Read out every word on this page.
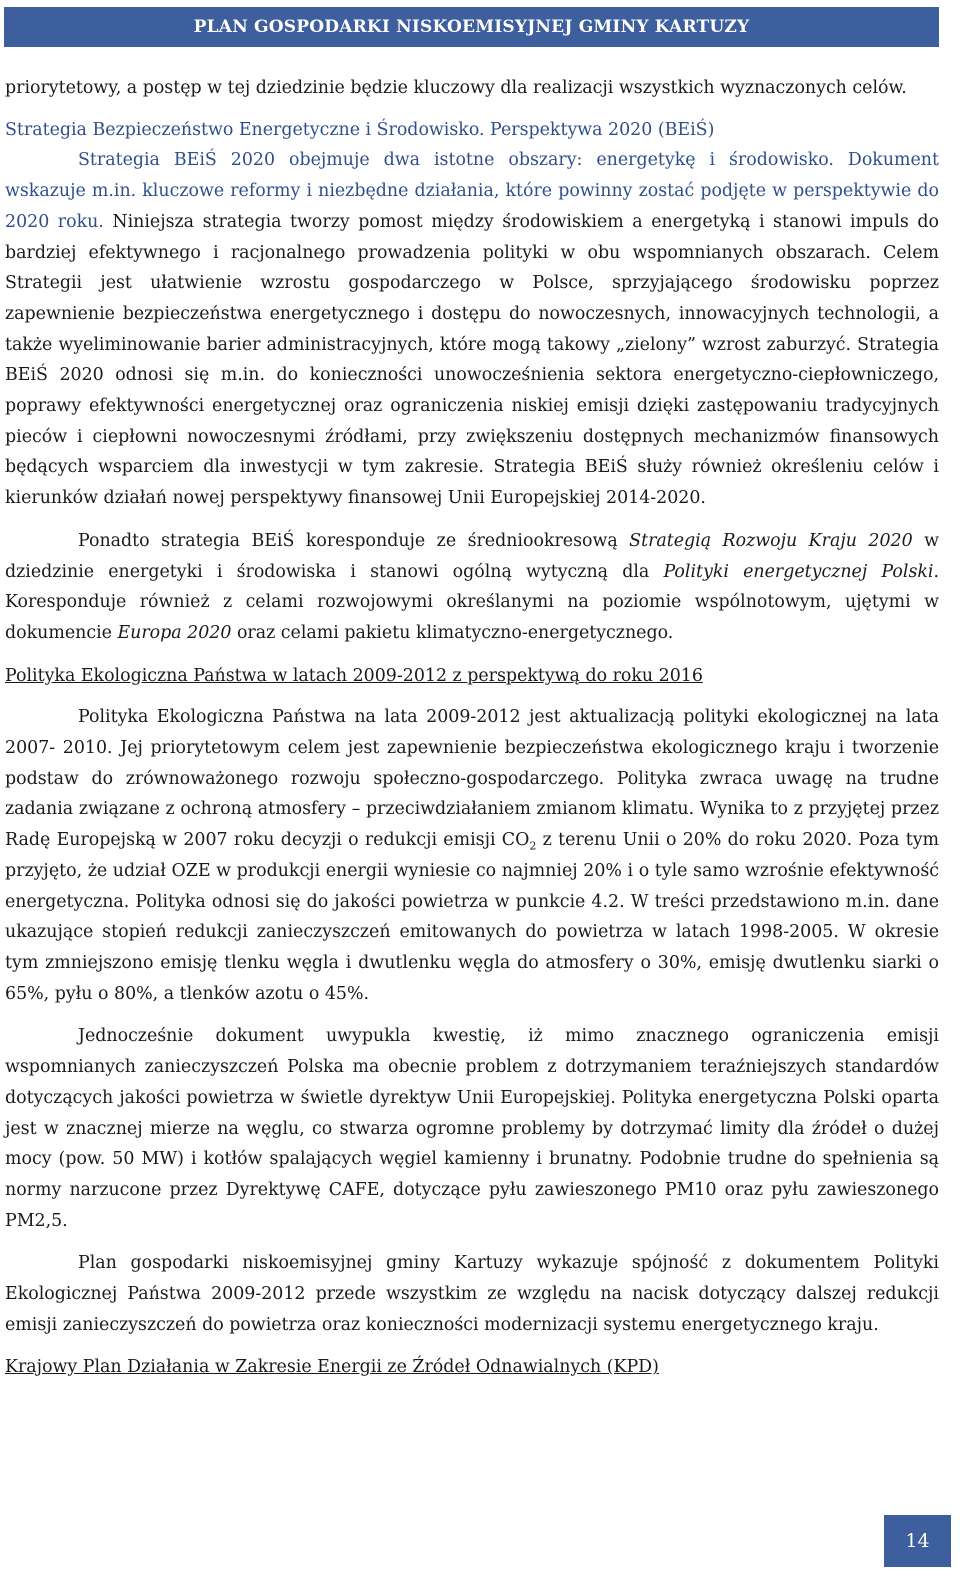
PLAN GOSPODARKI NISKOEMISYJNEJ GMINY KARTUZY

priorytetowy, a postęp w tej dziedzinie będzie kluczowy dla realizacji wszystkich wyznaczonych celów.

Strategia Bezpieczeństwo Energetyczne i Środowisko. Perspektywa 2020 (BEiŚ)

Strategia BEiŚ 2020 obejmuje dwa istotne obszary: energetykę i środowisko. Dokument wskazuje m.in. kluczowe reformy i niezbędne działania, które powinny zostać podjęte w perspektywie do 2020 roku. Niniejsza strategia tworzy pomost między środowiskiem a energetyką i stanowi impuls do bardziej efektywnego i racjonalnego prowadzenia polityki w obu wspomnianych obszarach. Celem Strategii jest ułatwienie wzrostu gospodarczego w Polsce, sprzyjającego środowisku poprzez zapewnienie bezpieczeństwa energetycznego i dostępu do nowoczesnych, innowacyjnych technologii, a także wyeliminowanie barier administracyjnych, które mogą takowy „zielony” wzrost zaburzyć. Strategia BEiŚ 2020 odnosi się m.in. do konieczności unowocześnienia sektora energetyczno-ciepłowniczego, poprawy efektywności energetycznej oraz ograniczenia niskiej emisji dzięki zastępowaniu tradycyjnych pieców i ciepłowni nowoczesnymi źródłami, przy zwiększeniu dostępnych mechanizmów finansowych będących wsparciem dla inwestycji w tym zakresie. Strategia BEiŚ służy również określeniu celów i kierunków działań nowej perspektywy finansowej Unii Europejskiej 2014-2020.

Ponadto strategia BEiŚ koresponduje ze średniookresową Strategią Rozwoju Kraju 2020 w dziedzinie energetyki i środowiska i stanowi ogólną wytyczną dla Polityki energetycznej Polski. Koresponduje również z celami rozwojowymi określanymi na poziomie wspólnotowym, ujętymi w dokumencie Europa 2020 oraz celami pakietu klimatyczno-energetycznego.

Polityka Ekologiczna Państwa w latach 2009-2012 z perspektywą do roku 2016

Polityka Ekologiczna Państwa na lata 2009-2012 jest aktualizacją polityki ekologicznej na lata 2007- 2010. Jej priorytetowym celem jest zapewnienie bezpieczeństwa ekologicznego kraju i tworzenie podstaw do zrównoważonego rozwoju społeczno-gospodarczego. Polityka zwraca uwagę na trudne zadania związane z ochroną atmosfery – przeciwdziałaniem zmianom klimatu. Wynika to z przyjętej przez Radę Europejską w 2007 roku decyzji o redukcji emisji $CO_2$ z terenu Unii o 20% do roku 2020. Poza tym przyjęto, że udział OZE w produkcji energii wyniesie co najmniej 20% i o tyle samo wzrośnie efektywność energetyczna. Polityka odnosi się do jakości powietrza w punkcie 4.2. W treści przedstawiono m.in. dane ukazujące stopień redukcji zanieczyszczeń emitowanych do powietrza w latach 1998-2005. W okresie tym zmniejszono emisję tlenku węgla i dwutlenku węgla do atmosfery o 30%, emisję dwutlenku siarki o 65%, pyłu o 80%, a tlenków azotu o 45%.

Jednocześnie dokument uwypukla kwestię, iż mimo znacznego ograniczenia emisji wspomnianych zanieczyszczeń Polska ma obecnie problem z dotrzymaniem teraźniejszych standardów dotyczących jakości powietrza w świetle dyrektyw Unii Europejskiej. Polityka energetyczna Polski oparta jest w znacznej mierze na węglu, co stwarza ogromne problemy by dotrzymać limity dla źródeł o dużej mocy (pow. 50 MW) i kotłów spalających węgiel kamienny i brunatny. Podobnie trudne do spełnienia są normy narzucone przez Dyrektywę CAFE, dotyczące pyłu zawieszonego PM10 oraz pyłu zawieszonego PM2,5.

Plan gospodarki niskoemisyjnej gminy Kartuzy wykazuje spójność z dokumentem Polityki Ekologicznej Państwa 2009-2012 przede wszystkim ze względu na nacisk dotyczący dalszej redukcji emisji zanieczyszczeń do powietrza oraz konieczności modernizacji systemu energetycznego kraju.

Krajowy Plan Działania w Zakresie Energii ze Źródeł Odnawialnych (KPD)

14
